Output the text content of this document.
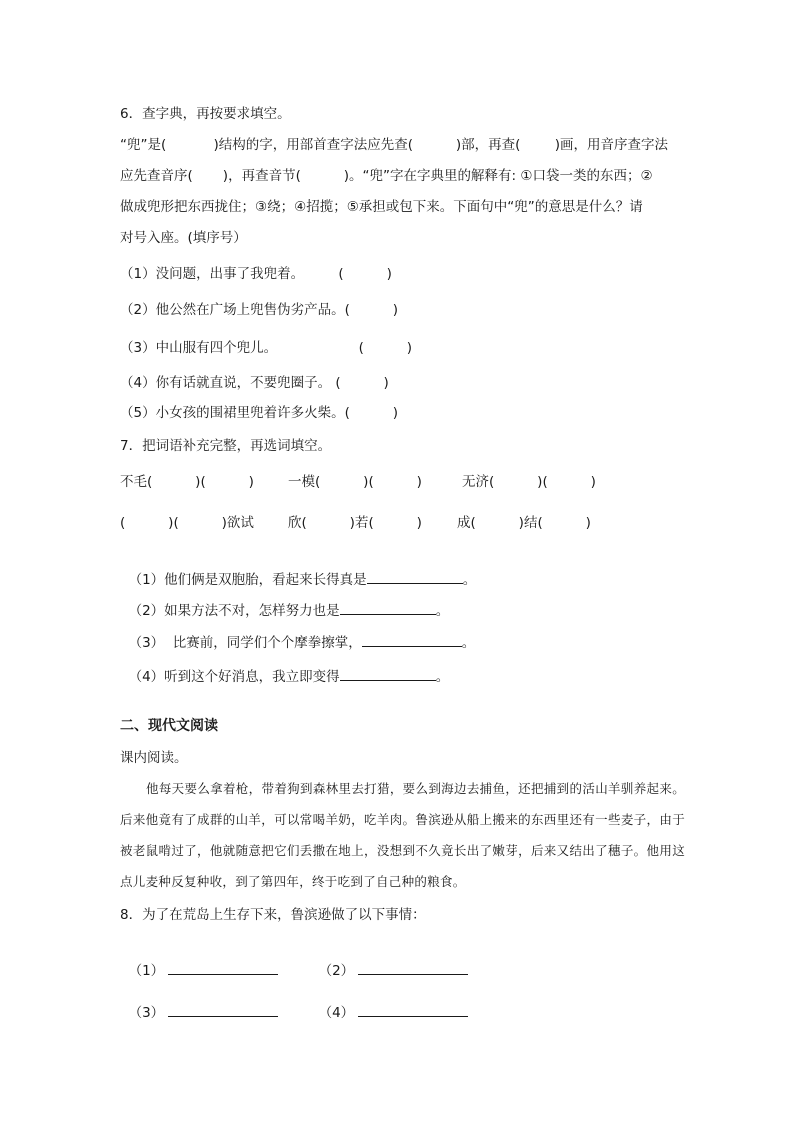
6．查字典，再按要求填空。
“兜”是(           )结构的字，用部首查字法应先查(          )部，再查(        )画，用音序查字法
应先查音序(       )，再查音节(          )。“兜”字在字典里的解释有: ①口袋一类的东西；②
做成兜形把东西拢住；③绕；④招揽；⑤承担或包下来。下面句中“兜”的意思是什么？请
对号入座。(填序号）
（1）没问题，出事了我兜着。        (          )
（2）他公然在广场上兜售伪劣产品。(          )
（3）中山服有四个兜儿。                   (          )
（4）你有话就直说，不要兜圈子。 (          )
（5）小女孩的围裙里兜着许多火柴。(          )
7．把词语补充完整，再选词填空。
不毛(          )(          )	一模(          )(          )	无济(          )(          )
(          )(          )欲试	欣(          )若(          )	成(          )结(          )

（1）他们俩是双胞胎，看起来长得真是	。

（2）如果方法不对，怎样努力也是	。

（3）  比赛前，同学们个个摩拳擦掌，	。

（4）听到这个好消息，我立即变得	。

二、现代文阅读
课内阅读。
他每天要么拿着枪，带着狗到森林里去打猎，要么到海边去捕鱼，还把捕到的活山羊驯养起来。后来他竟有了成群的山羊，可以常喝羊奶，吃羊肉。鲁滨逊从船上搬来的东西里还有一些麦子，由于被老鼠啃过了，他就随意把它们丢撒在地上，没想到不久竟长出了嫩芽，后来又结出了穗子。他用这点儿麦种反复种收，到了第四年，终于吃到了自己种的粮食。
8．为了在荒岛上生存下来，鲁滨逊做了以下事情：

（1）	（2）

（3）	（4）
